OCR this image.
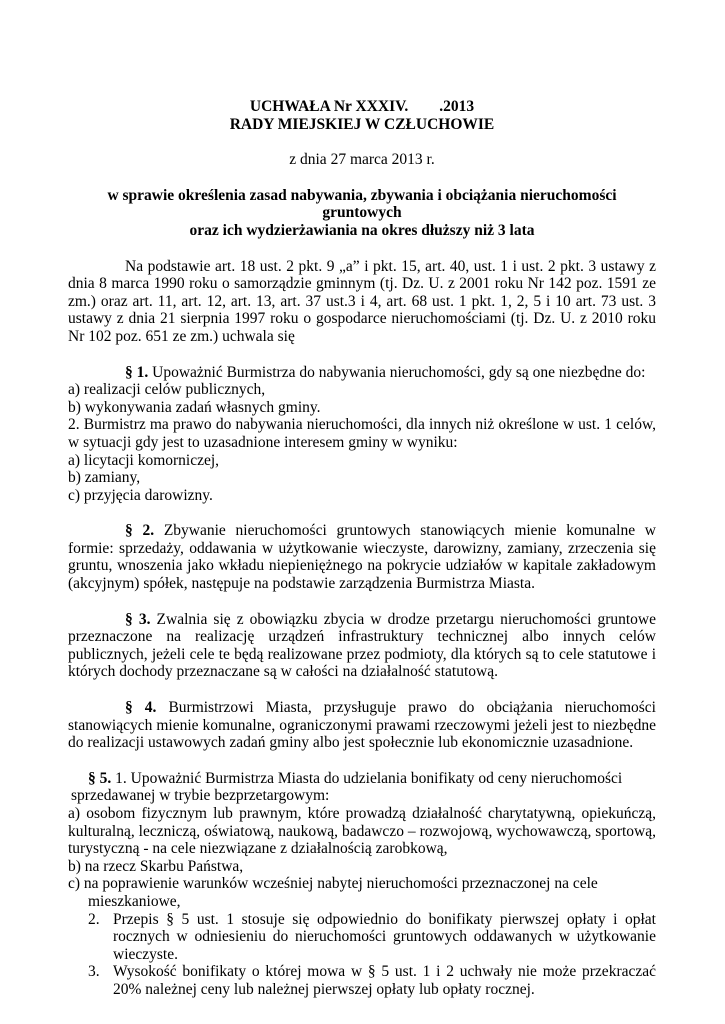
UCHWAŁA Nr XXXIV.        .2013

RADY MIEJSKIEJ W CZŁUCHOWIE

z dnia 27 marca 2013 r.

w sprawie określenia zasad nabywania, zbywania i obciążania nieruchomości gruntowych

oraz ich wydzierżawiania na okres dłuższy niż 3 lata

Na podstawie art. 18 ust. 2 pkt. 9 „a” i pkt. 15, art. 40, ust. 1 i ust. 2 pkt. 3 ustawy z dnia 8 marca 1990 roku o samorządzie gminnym (tj. Dz. U. z 2001 roku Nr 142 poz. 1591 ze zm.) oraz art. 11, art. 12, art. 13, art. 37 ust.3 i 4, art. 68 ust. 1 pkt. 1, 2, 5 i 10 art. 73 ust. 3 ustawy z dnia 21 sierpnia 1997 roku o gospodarce nieruchomościami (tj. Dz. U. z 2010 roku Nr 102 poz. 651 ze zm.) uchwala się

§ 1. Upoważnić Burmistrza do nabywania nieruchomości, gdy są one niezbędne do:

a) realizacji celów publicznych,

b) wykonywania zadań własnych gminy.

2. Burmistrz ma prawo do nabywania nieruchomości, dla innych niż określone w ust. 1 celów, w sytuacji gdy jest to uzasadnione interesem gminy w wyniku:

a) licytacji komorniczej,

b) zamiany,

c) przyjęcia darowizny.

§ 2. Zbywanie nieruchomości gruntowych stanowiących mienie komunalne w formie: sprzedaży, oddawania w użytkowanie wieczyste, darowizny, zamiany, zrzeczenia się gruntu, wnoszenia jako wkładu niepieniężnego na pokrycie udziałów w kapitale zakładowym (akcyjnym) spółek, następuje na podstawie zarządzenia Burmistrza Miasta.

§ 3. Zwalnia się z obowiązku zbycia w drodze przetargu nieruchomości gruntowe przeznaczone na realizację urządzeń infrastruktury technicznej albo innych celów publicznych, jeżeli cele te będą realizowane przez podmioty, dla których są to cele statutowe i których dochody przeznaczane są w całości na działalność statutową.

§ 4. Burmistrzowi Miasta, przysługuje prawo do obciążania nieruchomości stanowiących mienie komunalne, ograniczonymi prawami rzeczowymi jeżeli jest to niezbędne do realizacji ustawowych zadań gminy albo jest społecznie lub ekonomicznie uzasadnione.

§ 5. 1. Upoważnić Burmistrza Miasta do udzielania bonifikaty od ceny nieruchomości

sprzedawanej w trybie bezprzetargowym:

a) osobom fizycznym lub prawnym, które prowadzą działalność charytatywną, opiekuńczą, kulturalną, leczniczą, oświatową, naukową, badawczo – rozwojową, wychowawczą, sportową, turystyczną - na cele niezwiązane z działalnością zarobkową,

b) na rzecz Skarbu Państwa,

c) na poprawienie warunków wcześniej nabytej nieruchomości przeznaczonej na cele

mieszkaniowe,

2. Przepis § 5 ust. 1 stosuje się odpowiednio do bonifikaty pierwszej opłaty i opłat rocznych w odniesieniu do nieruchomości gruntowych oddawanych w użytkowanie wieczyste.
3. Wysokość bonifikaty o której mowa w § 5 ust. 1 i 2 uchwały nie może przekraczać 20% należnej ceny lub należnej pierwszej opłaty lub opłaty rocznej.
